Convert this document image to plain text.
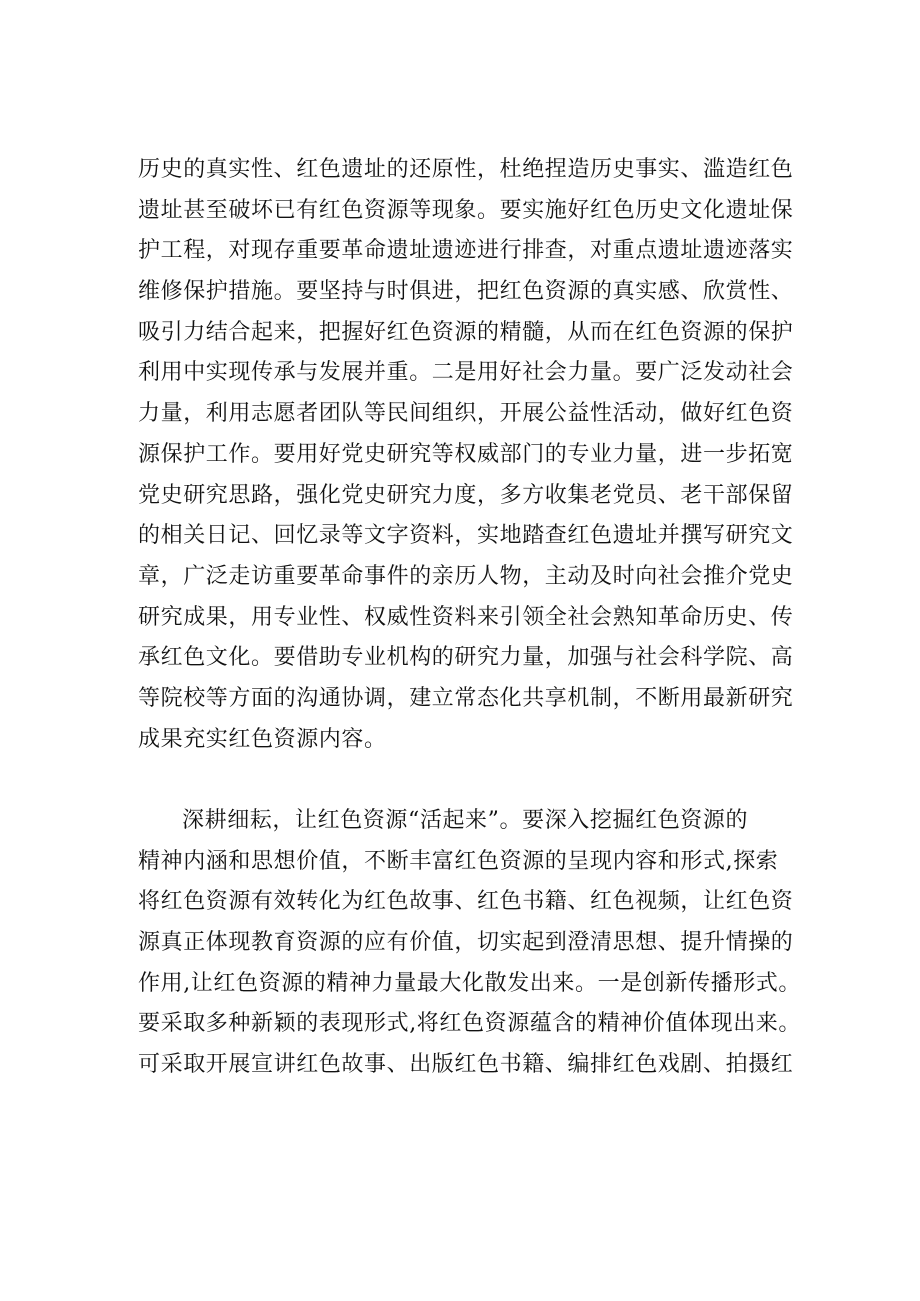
历史的真实性、红色遗址的还原性，杜绝捏造历史事实、滥造红色
遗址甚至破坏已有红色资源等现象。要实施好红色历史文化遗址保
护工程，对现存重要革命遗址遗迹进行排查，对重点遗址遗迹落实
维修保护措施。要坚持与时俱进，把红色资源的真实感、欣赏性、
吸引力结合起来，把握好红色资源的精髓，从而在红色资源的保护
利用中实现传承与发展并重。二是用好社会力量。要广泛发动社会
力量，利用志愿者团队等民间组织，开展公益性活动，做好红色资
源保护工作。要用好党史研究等权威部门的专业力量，进一步拓宽
党史研究思路，强化党史研究力度，多方收集老党员、老干部保留
的相关日记、回忆录等文字资料，实地踏查红色遗址并撰写研究文
章，广泛走访重要革命事件的亲历人物，主动及时向社会推介党史
研究成果，用专业性、权威性资料来引领全社会熟知革命历史、传
承红色文化。要借助专业机构的研究力量，加强与社会科学院、高
等院校等方面的沟通协调，建立常态化共享机制，不断用最新研究
成果充实红色资源内容。
深耕细耘，让红色资源“活起来”。要深入挖掘红色资源的
精神内涵和思想价值，不断丰富红色资源的呈现内容和形式,探索
将红色资源有效转化为红色故事、红色书籍、红色视频，让红色资
源真正体现教育资源的应有价值，切实起到澄清思想、提升情操的
作用,让红色资源的精神力量最大化散发出来。一是创新传播形式。
要采取多种新颖的表现形式,将红色资源蕴含的精神价值体现出来。
可采取开展宣讲红色故事、出版红色书籍、编排红色戏剧、拍摄红
